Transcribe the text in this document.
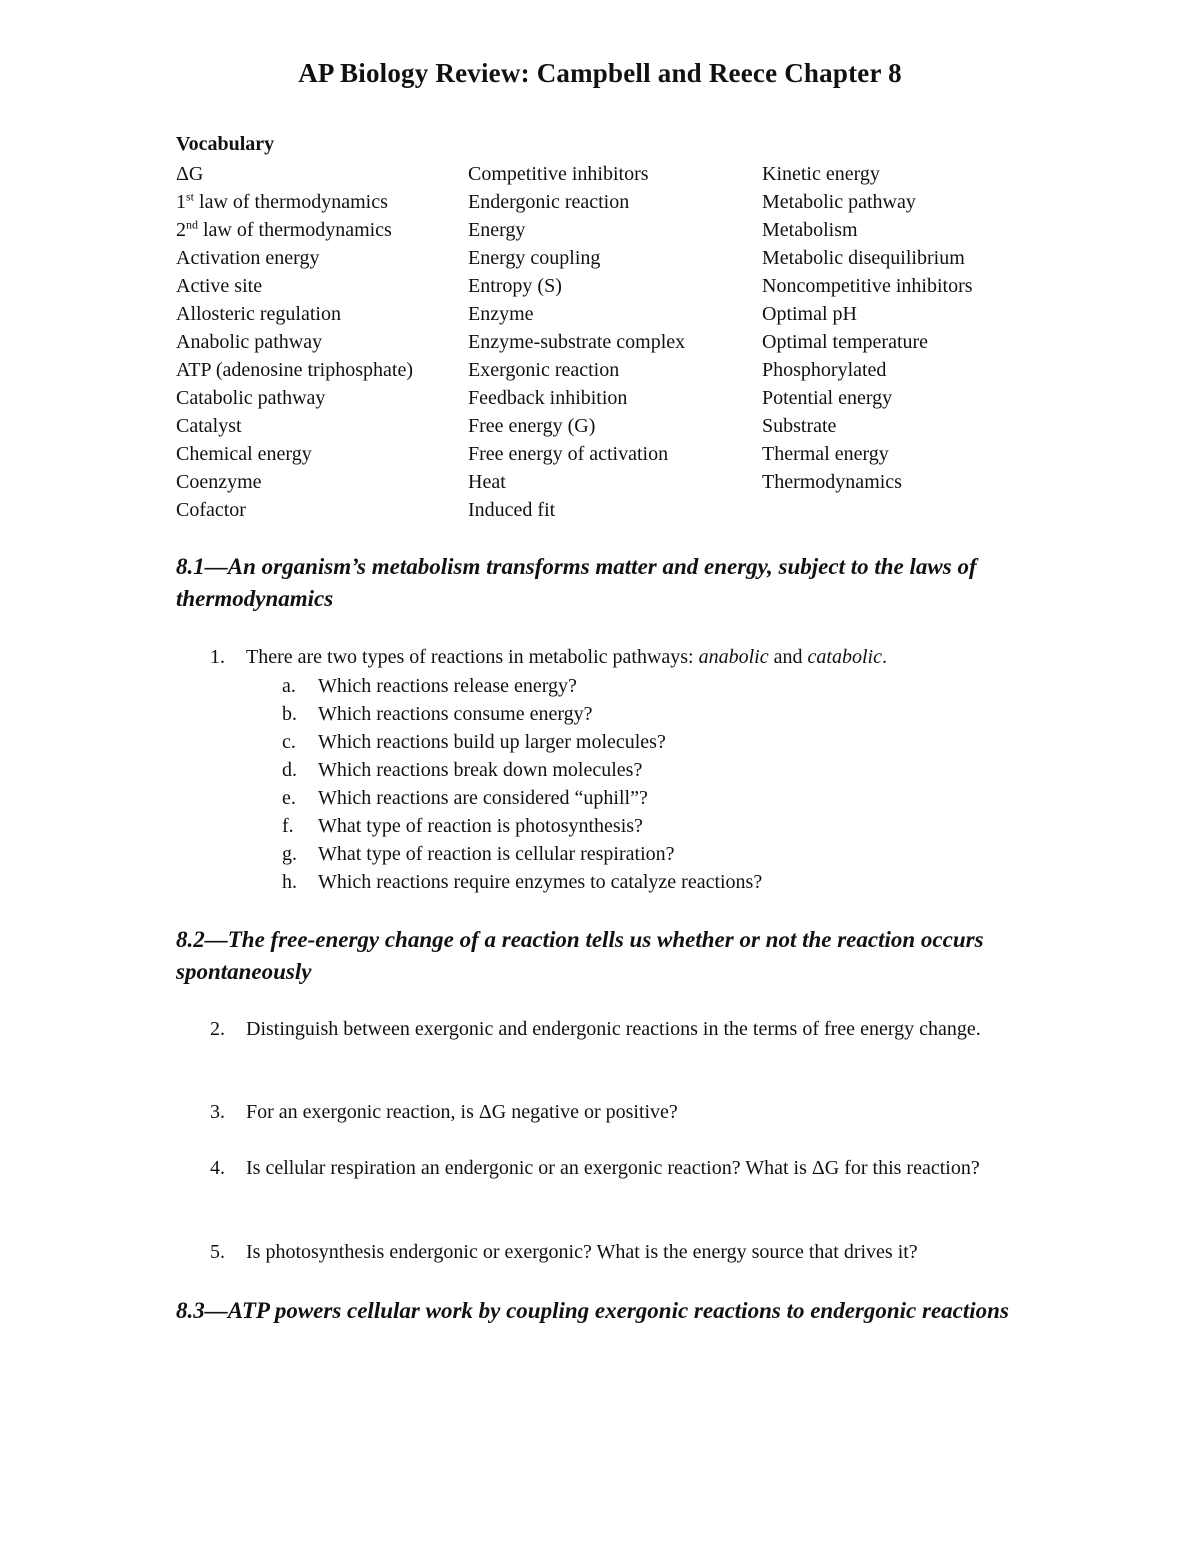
AP Biology Review: Campbell and Reece Chapter 8
Vocabulary
ΔG
1st law of thermodynamics
2nd law of thermodynamics
Activation energy
Active site
Allosteric regulation
Anabolic pathway
ATP (adenosine triphosphate)
Catabolic pathway
Catalyst
Chemical energy
Coenzyme
Cofactor
Competitive inhibitors
Endergonic reaction
Energy
Energy coupling
Entropy (S)
Enzyme
Enzyme-substrate complex
Exergonic reaction
Feedback inhibition
Free energy (G)
Free energy of activation
Heat
Induced fit
Kinetic energy
Metabolic pathway
Metabolism
Metabolic disequilibrium
Noncompetitive inhibitors
Optimal pH
Optimal temperature
Phosphorylated
Potential energy
Substrate
Thermal energy
Thermodynamics
8.1—An organism’s metabolism transforms matter and energy, subject to the laws of thermodynamics
1. There are two types of reactions in metabolic pathways: anabolic and catabolic.
a. Which reactions release energy?
b. Which reactions consume energy?
c. Which reactions build up larger molecules?
d. Which reactions break down molecules?
e. Which reactions are considered “uphill”?
f. What type of reaction is photosynthesis?
g. What type of reaction is cellular respiration?
h. Which reactions require enzymes to catalyze reactions?
8.2—The free-energy change of a reaction tells us whether or not the reaction occurs spontaneously
2. Distinguish between exergonic and endergonic reactions in the terms of free energy change.
3. For an exergonic reaction, is ΔG negative or positive?
4. Is cellular respiration an endergonic or an exergonic reaction? What is ΔG for this reaction?
5. Is photosynthesis endergonic or exergonic? What is the energy source that drives it?
8.3—ATP powers cellular work by coupling exergonic reactions to endergonic reactions
